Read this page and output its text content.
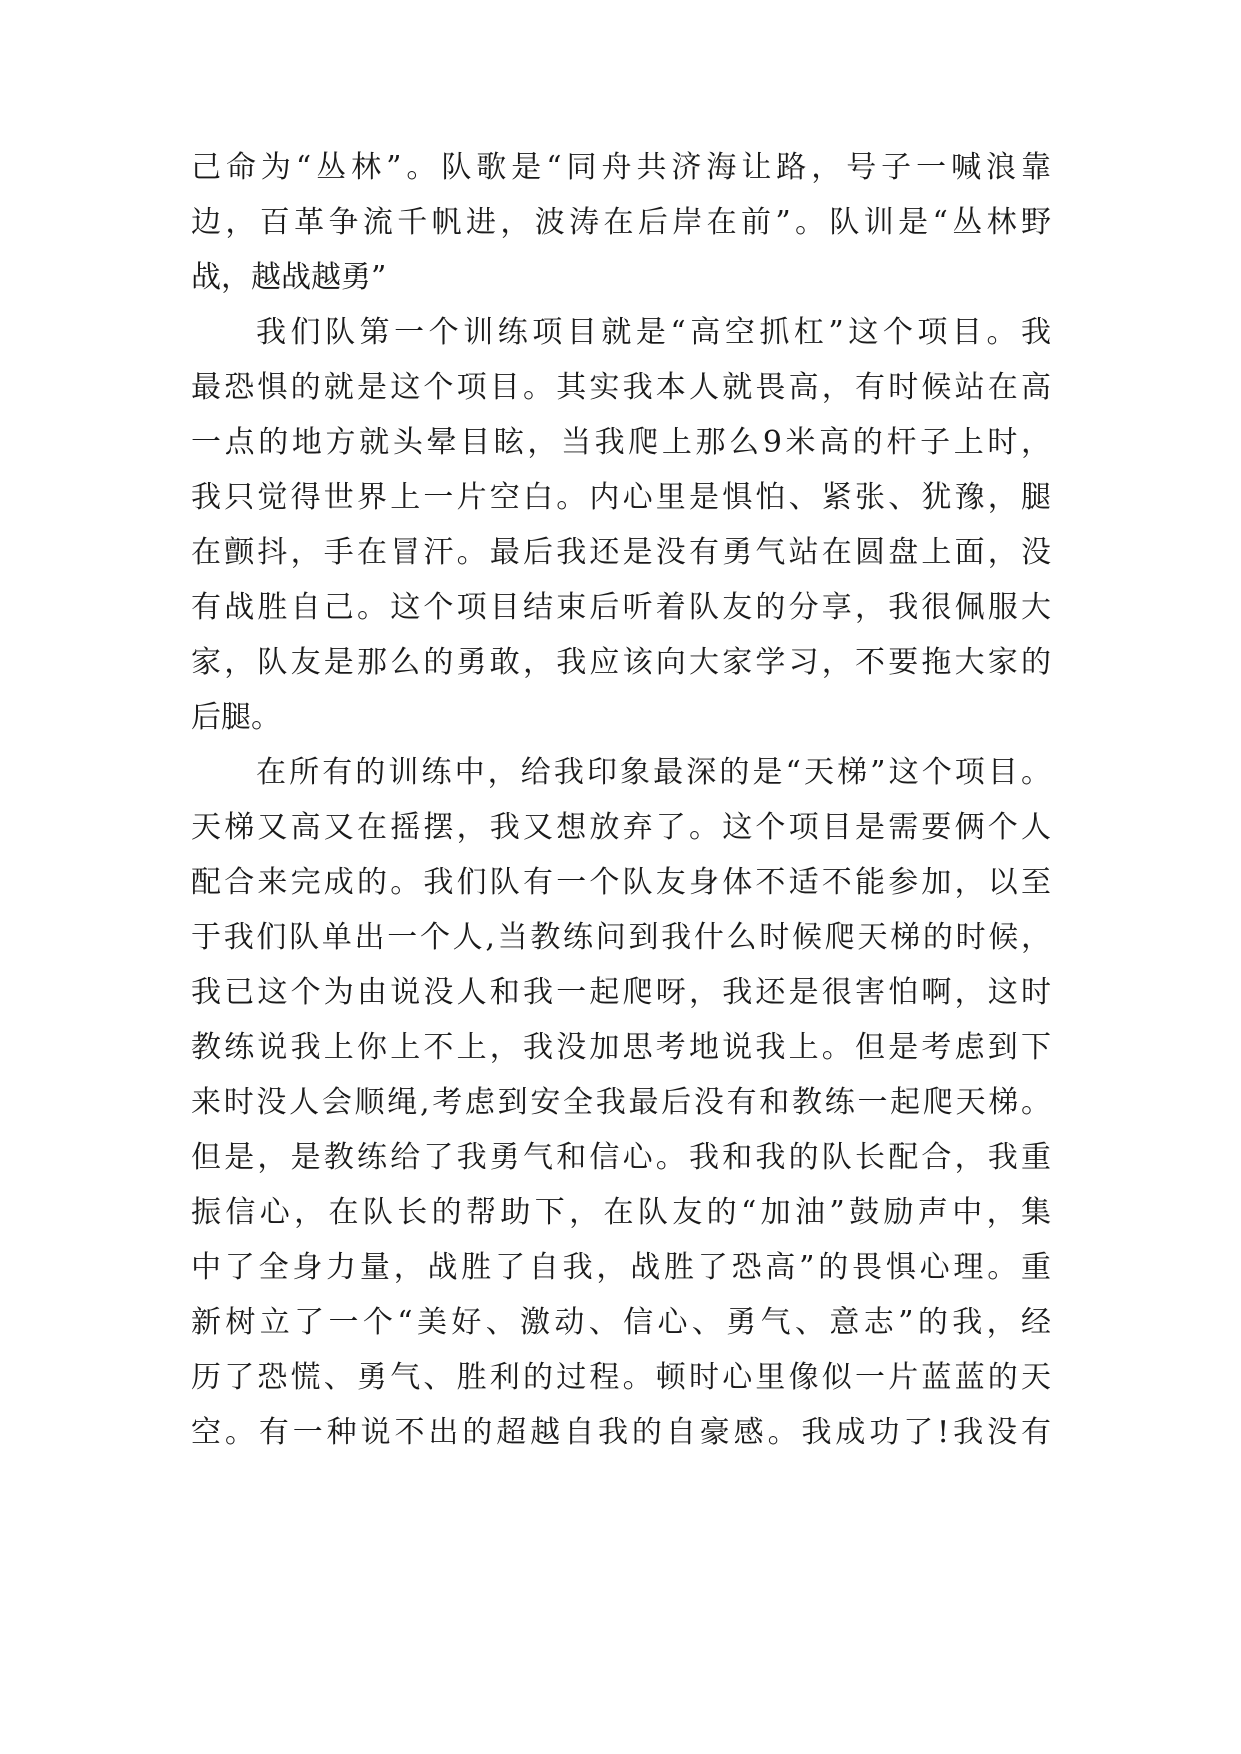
己命为“丛林”。队歌是“同舟共济海让路，号子一喊浪靠
边，百革争流千帆进，波涛在后岸在前”。队训是“丛林野
战，越战越勇”
我们队第一个训练项目就是“高空抓杠”这个项目。我
最恐惧的就是这个项目。其实我本人就畏高，有时候站在高
一点的地方就头晕目眩，当我爬上那么9米高的杆子上时，
我只觉得世界上一片空白。内心里是惧怕、紧张、犹豫，腿
在颤抖，手在冒汗。最后我还是没有勇气站在圆盘上面，没
有战胜自己。这个项目结束后听着队友的分享，我很佩服大
家，队友是那么的勇敢，我应该向大家学习，不要拖大家的
后腿。
在所有的训练中，给我印象最深的是“天梯”这个项目。
天梯又高又在摇摆，我又想放弃了。这个项目是需要俩个人
配合来完成的。我们队有一个队友身体不适不能参加，以至
于我们队单出一个人,当教练问到我什么时候爬天梯的时候，
我已这个为由说没人和我一起爬呀，我还是很害怕啊，这时
教练说我上你上不上，我没加思考地说我上。但是考虑到下
来时没人会顺绳,考虑到安全我最后没有和教练一起爬天梯。
但是，是教练给了我勇气和信心。我和我的队长配合，我重
振信心，在队长的帮助下，在队友的“加油”鼓励声中，集
中了全身力量，战胜了自我，战胜了恐高”的畏惧心理。重
新树立了一个“美好、激动、信心、勇气、意志”的我，经
历了恐慌、勇气、胜利的过程。顿时心里像似一片蓝蓝的天
空。有一种说不出的超越自我的自豪感。我成功了!我没有
